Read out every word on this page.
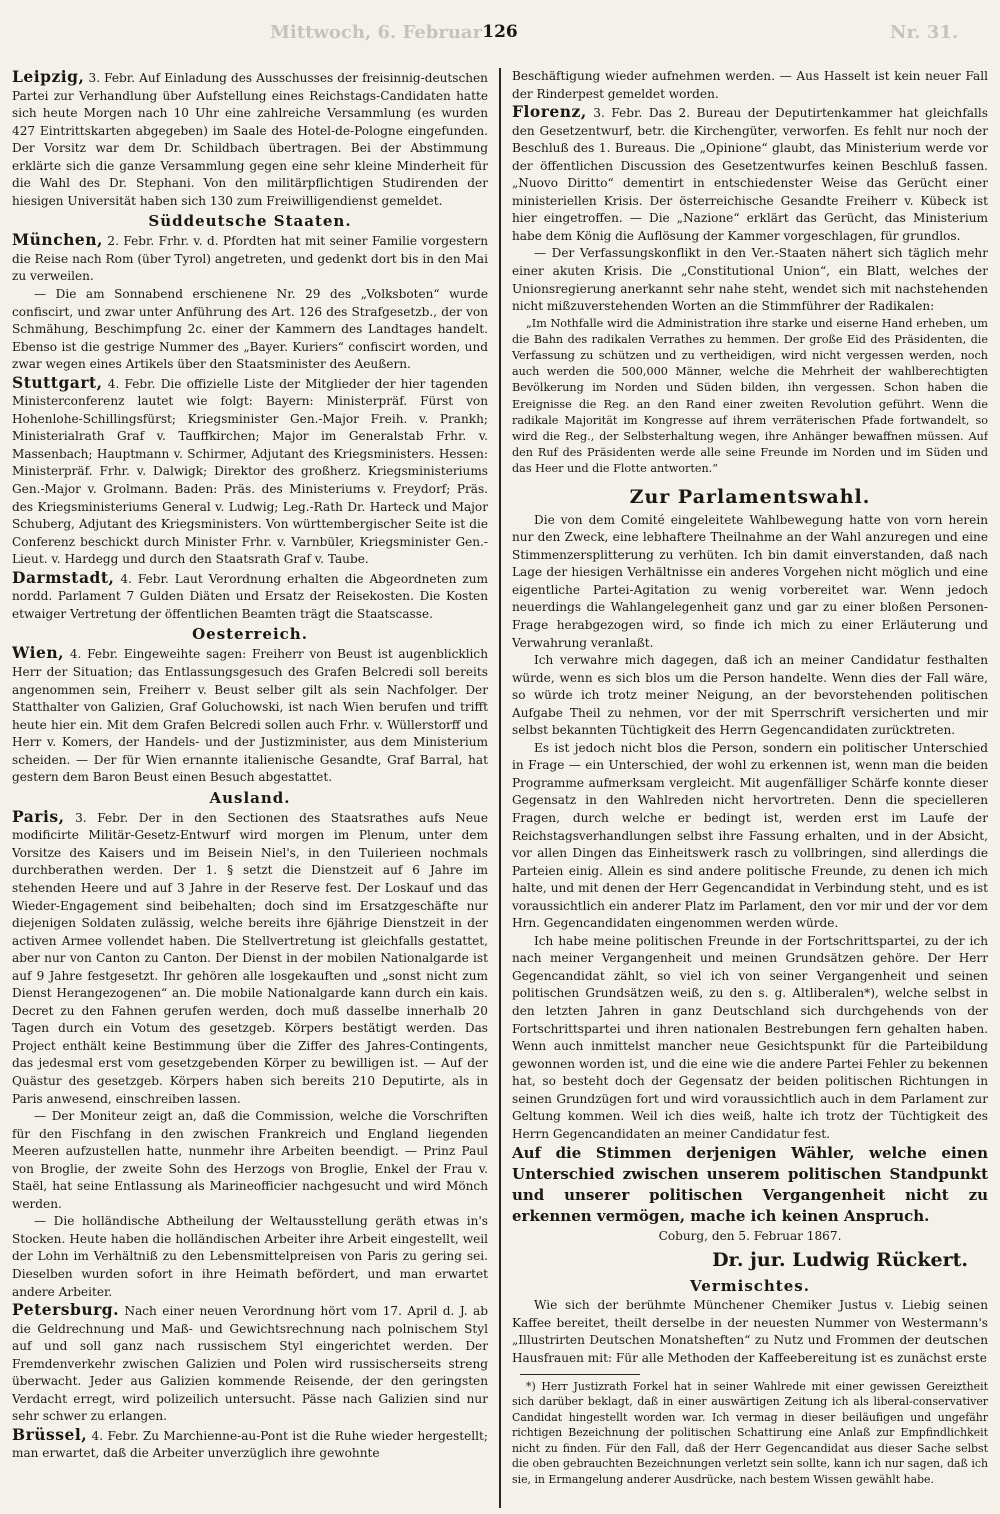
Mittwoch, 6. Februar	Nr. 31.
126

Leipzig, 3. Febr. Auf Einladung des Ausschusses der freisinnig-deutschen Partei zur Verhandlung über Aufstellung eines Reichstags-Candidaten hatte sich heute Morgen nach 10 Uhr eine zahlreiche Versammlung (es wurden 427 Eintrittskarten abgegeben) im Saale des Hotel-de-Pologne eingefunden. Der Vorsitz war dem Dr. Schildbach übertragen. Bei der Abstimmung erklärte sich die ganze Versammlung gegen eine sehr kleine Minderheit für die Wahl des Dr. Stephani. Von den militärpflichtigen Studirenden der hiesigen Universität haben sich 130 zum Freiwilligendienst gemeldet.

Süddeutsche Staaten.

München, 2. Febr. Frhr. v. d. Pfordten hat mit seiner Familie vorgestern die Reise nach Rom (über Tyrol) angetreten, und gedenkt dort bis in den Mai zu verweilen.

— Die am Sonnabend erschienene Nr. 29 des „Volksboten“ wurde confiscirt, und zwar unter Anführung des Art. 126 des Strafgesetzb., der von Schmähung, Beschimpfung 2c. einer der Kammern des Landtages handelt. Ebenso ist die gestrige Nummer des „Bayer. Kuriers“ confiscirt worden, und zwar wegen eines Artikels über den Staatsminister des Aeußern.

Stuttgart, 4. Febr. Die offizielle Liste der Mitglieder der hier tagenden Ministerconferenz lautet wie folgt: Bayern: Ministerpräf. Fürst von Hohenlohe-Schillingsfürst; Kriegsminister Gen.-Major Freih. v. Prankh; Ministerialrath Graf v. Tauffkirchen; Major im Generalstab Frhr. v. Massenbach; Hauptmann v. Schirmer, Adjutant des Kriegsministers. Hessen: Ministerpräf. Frhr. v. Dalwigk; Direktor des großherz. Kriegsministeriums Gen.-Major v. Grolmann. Baden: Präs. des Ministeriums v. Freydorf; Präs. des Kriegsministeriums General v. Ludwig; Leg.-Rath Dr. Harteck und Major Schuberg, Adjutant des Kriegsministers. Von württembergischer Seite ist die Conferenz beschickt durch Minister Frhr. v. Varnbüler, Kriegsminister Gen.-Lieut. v. Hardegg und durch den Staatsrath Graf v. Taube.

Darmstadt, 4. Febr. Laut Verordnung erhalten die Abgeordneten zum nordd. Parlament 7 Gulden Diäten und Ersatz der Reisekosten. Die Kosten etwaiger Vertretung der öffentlichen Beamten trägt die Staatscasse.

Oesterreich.

Wien, 4. Febr. Eingeweihte sagen: Freiherr von Beust ist augenblicklich Herr der Situation; das Entlassungsgesuch des Grafen Belcredi soll bereits angenommen sein, Freiherr v. Beust selber gilt als sein Nachfolger. Der Statthalter von Galizien, Graf Goluchowski, ist nach Wien berufen und trifft heute hier ein. Mit dem Grafen Belcredi sollen auch Frhr. v. Wüllerstorff und Herr v. Komers, der Handels- und der Justizminister, aus dem Ministerium scheiden. — Der für Wien ernannte italienische Gesandte, Graf Barral, hat gestern dem Baron Beust einen Besuch abgestattet.

Ausland.

Paris, 3. Febr. Der in den Sectionen des Staatsrathes aufs Neue modificirte Militär-Gesetz-Entwurf wird morgen im Plenum, unter dem Vorsitze des Kaisers und im Beisein Niel's, in den Tuilerieen nochmals durchberathen werden. Der 1. § setzt die Dienstzeit auf 6 Jahre im stehenden Heere und auf 3 Jahre in der Reserve fest. Der Loskauf und das Wieder-Engagement sind beibehalten; doch sind im Ersatzgeschäfte nur diejenigen Soldaten zulässig, welche bereits ihre 6jährige Dienstzeit in der activen Armee vollendet haben. Die Stellvertretung ist gleichfalls gestattet, aber nur von Canton zu Canton. Der Dienst in der mobilen Nationalgarde ist auf 9 Jahre festgesetzt. Ihr gehören alle losgekauften und „sonst nicht zum Dienst Herangezogenen“ an. Die mobile Nationalgarde kann durch ein kais. Decret zu den Fahnen gerufen werden, doch muß dasselbe innerhalb 20 Tagen durch ein Votum des gesetzgeb. Körpers bestätigt werden. Das Project enthält keine Bestimmung über die Ziffer des Jahres-Contingents, das jedesmal erst vom gesetzgebenden Körper zu bewilligen ist. — Auf der Quästur des gesetzgeb. Körpers haben sich bereits 210 Deputirte, als in Paris anwesend, einschreiben lassen.

— Der Moniteur zeigt an, daß die Commission, welche die Vorschriften für den Fischfang in den zwischen Frankreich und England liegenden Meeren aufzustellen hatte, nunmehr ihre Arbeiten beendigt. — Prinz Paul von Broglie, der zweite Sohn des Herzogs von Broglie, Enkel der Frau v. Staël, hat seine Entlassung als Marineofficier nachgesucht und wird Mönch werden.

— Die holländische Abtheilung der Weltausstellung geräth etwas in's Stocken. Heute haben die holländischen Arbeiter ihre Arbeit eingestellt, weil der Lohn im Verhältniß zu den Lebensmittelpreisen von Paris zu gering sei. Dieselben wurden sofort in ihre Heimath befördert, und man erwartet andere Arbeiter.

Petersburg. Nach einer neuen Verordnung hört vom 17. April d. J. ab die Geldrechnung und Maß- und Gewichtsrechnung nach polnischem Styl auf und soll ganz nach russischem Styl eingerichtet werden. Der Fremdenverkehr zwischen Galizien und Polen wird russischerseits streng überwacht. Jeder aus Galizien kommende Reisende, der den geringsten Verdacht erregt, wird polizeilich untersucht. Pässe nach Galizien sind nur sehr schwer zu erlangen.

Brüssel, 4. Febr. Zu Marchienne-au-Pont ist die Ruhe wieder hergestellt; man erwartet, daß die Arbeiter unverzüglich ihre gewohnte

Beschäftigung wieder aufnehmen werden. — Aus Hasselt ist kein neuer Fall der Rinderpest gemeldet worden.

Florenz, 3. Febr. Das 2. Bureau der Deputirtenkammer hat gleichfalls den Gesetzentwurf, betr. die Kirchengüter, verworfen. Es fehlt nur noch der Beschluß des 1. Bureaus. Die „Opinione“ glaubt, das Ministerium werde vor der öffentlichen Discussion des Gesetzentwurfes keinen Beschluß fassen. „Nuovo Diritto“ dementirt in entschiedenster Weise das Gerücht einer ministeriellen Krisis. Der österreichische Gesandte Freiherr v. Kübeck ist hier eingetroffen. — Die „Nazione“ erklärt das Gerücht, das Ministerium habe dem König die Auflösung der Kammer vorgeschlagen, für grundlos.

— Der Verfassungskonflikt in den Ver.-Staaten nähert sich täglich mehr einer akuten Krisis. Die „Constitutional Union“, ein Blatt, welches der Unionsregierung anerkannt sehr nahe steht, wendet sich mit nachstehenden nicht mißzuverstehenden Worten an die Stimmführer der Radikalen:

„Im Nothfalle wird die Administration ihre starke und eiserne Hand erheben, um die Bahn des radikalen Verrathes zu hemmen. Der große Eid des Präsidenten, die Verfassung zu schützen und zu vertheidigen, wird nicht vergessen werden, noch auch werden die 500,000 Männer, welche die Mehrheit der wahlberechtigten Bevölkerung im Norden und Süden bilden, ihn vergessen. Schon haben die Ereignisse die Reg. an den Rand einer zweiten Revolution geführt. Wenn die radikale Majorität im Kongresse auf ihrem verräterischen Pfade fortwandelt, so wird die Reg., der Selbsterhaltung wegen, ihre Anhänger bewaffnen müssen. Auf den Ruf des Präsidenten werde alle seine Freunde im Norden und im Süden und das Heer und die Flotte antworten.“

Zur Parlamentswahl.

Die von dem Comité eingeleitete Wahlbewegung hatte von vorn herein nur den Zweck, eine lebhaftere Theilnahme an der Wahl anzuregen und eine Stimmenzersplitterung zu verhüten. Ich bin damit einverstanden, daß nach Lage der hiesigen Verhältnisse ein anderes Vorgehen nicht möglich und eine eigentliche Partei-Agitation zu wenig vorbereitet war. Wenn jedoch neuerdings die Wahlangelegenheit ganz und gar zu einer bloßen Personen-Frage herabgezogen wird, so finde ich mich zu einer Erläuterung und Verwahrung veranlaßt.

Ich verwahre mich dagegen, daß ich an meiner Candidatur festhalten würde, wenn es sich blos um die Person handelte. Wenn dies der Fall wäre, so würde ich trotz meiner Neigung, an der bevorstehenden politischen Aufgabe Theil zu nehmen, vor der mit Sperrschrift versicherten und mir selbst bekannten Tüchtigkeit des Herrn Gegencandidaten zurücktreten.

Es ist jedoch nicht blos die Person, sondern ein politischer Unterschied in Frage — ein Unterschied, der wohl zu erkennen ist, wenn man die beiden Programme aufmerksam vergleicht. Mit augenfälliger Schärfe konnte dieser Gegensatz in den Wahlreden nicht hervortreten. Denn die specielleren Fragen, durch welche er bedingt ist, werden erst im Laufe der Reichstagsverhandlungen selbst ihre Fassung erhalten, und in der Absicht, vor allen Dingen das Einheitswerk rasch zu vollbringen, sind allerdings die Parteien einig. Allein es sind andere politische Freunde, zu denen ich mich halte, und mit denen der Herr Gegencandidat in Verbindung steht, und es ist voraussichtlich ein anderer Platz im Parlament, den vor mir und der vor dem Hrn. Gegencandidaten eingenommen werden würde.

Ich habe meine politischen Freunde in der Fortschrittspartei, zu der ich nach meiner Vergangenheit und meinen Grundsätzen gehöre. Der Herr Gegencandidat zählt, so viel ich von seiner Vergangenheit und seinen politischen Grundsätzen weiß, zu den s. g. Altliberalen*), welche selbst in den letzten Jahren in ganz Deutschland sich durchgehends von der Fortschrittspartei und ihren nationalen Bestrebungen fern gehalten haben. Wenn auch inmittelst mancher neue Gesichtspunkt für die Parteibildung gewonnen worden ist, und die eine wie die andere Partei Fehler zu bekennen hat, so besteht doch der Gegensatz der beiden politischen Richtungen in seinen Grundzügen fort und wird voraussichtlich auch in dem Parlament zur Geltung kommen. Weil ich dies weiß, halte ich trotz der Tüchtigkeit des Herrn Gegencandidaten an meiner Candidatur fest.

Auf die Stimmen derjenigen Wähler, welche einen Unterschied zwischen unserem politischen Standpunkt und unserer politischen Vergangenheit nicht zu erkennen vermögen, mache ich keinen Anspruch.

Coburg, den 5. Februar 1867.
Dr. jur. Ludwig Rückert.
Vermischtes.

Wie sich der berühmte Münchener Chemiker Justus v. Liebig seinen Kaffee bereitet, theilt derselbe in der neuesten Nummer von Westermann's „Illustrirten Deutschen Monatsheften“ zu Nutz und Frommen der deutschen Hausfrauen mit: Für alle Methoden der Kaffeebereitung ist es zunächst erste

*) Herr Justizrath Forkel hat in seiner Wahlrede mit einer gewissen Gereiztheit sich darüber beklagt, daß in einer auswärtigen Zeitung ich als liberal-conservativer Candidat hingestellt worden war. Ich vermag in dieser beiläufigen und ungefähr richtigen Bezeichnung der politischen Schattirung eine Anlaß zur Empfindlichkeit nicht zu finden. Für den Fall, daß der Herr Gegencandidat aus dieser Sache selbst die oben gebrauchten Bezeichnungen verletzt sein sollte, kann ich nur sagen, daß ich sie, in Ermangelung anderer Ausdrücke, nach bestem Wissen gewählt habe.
